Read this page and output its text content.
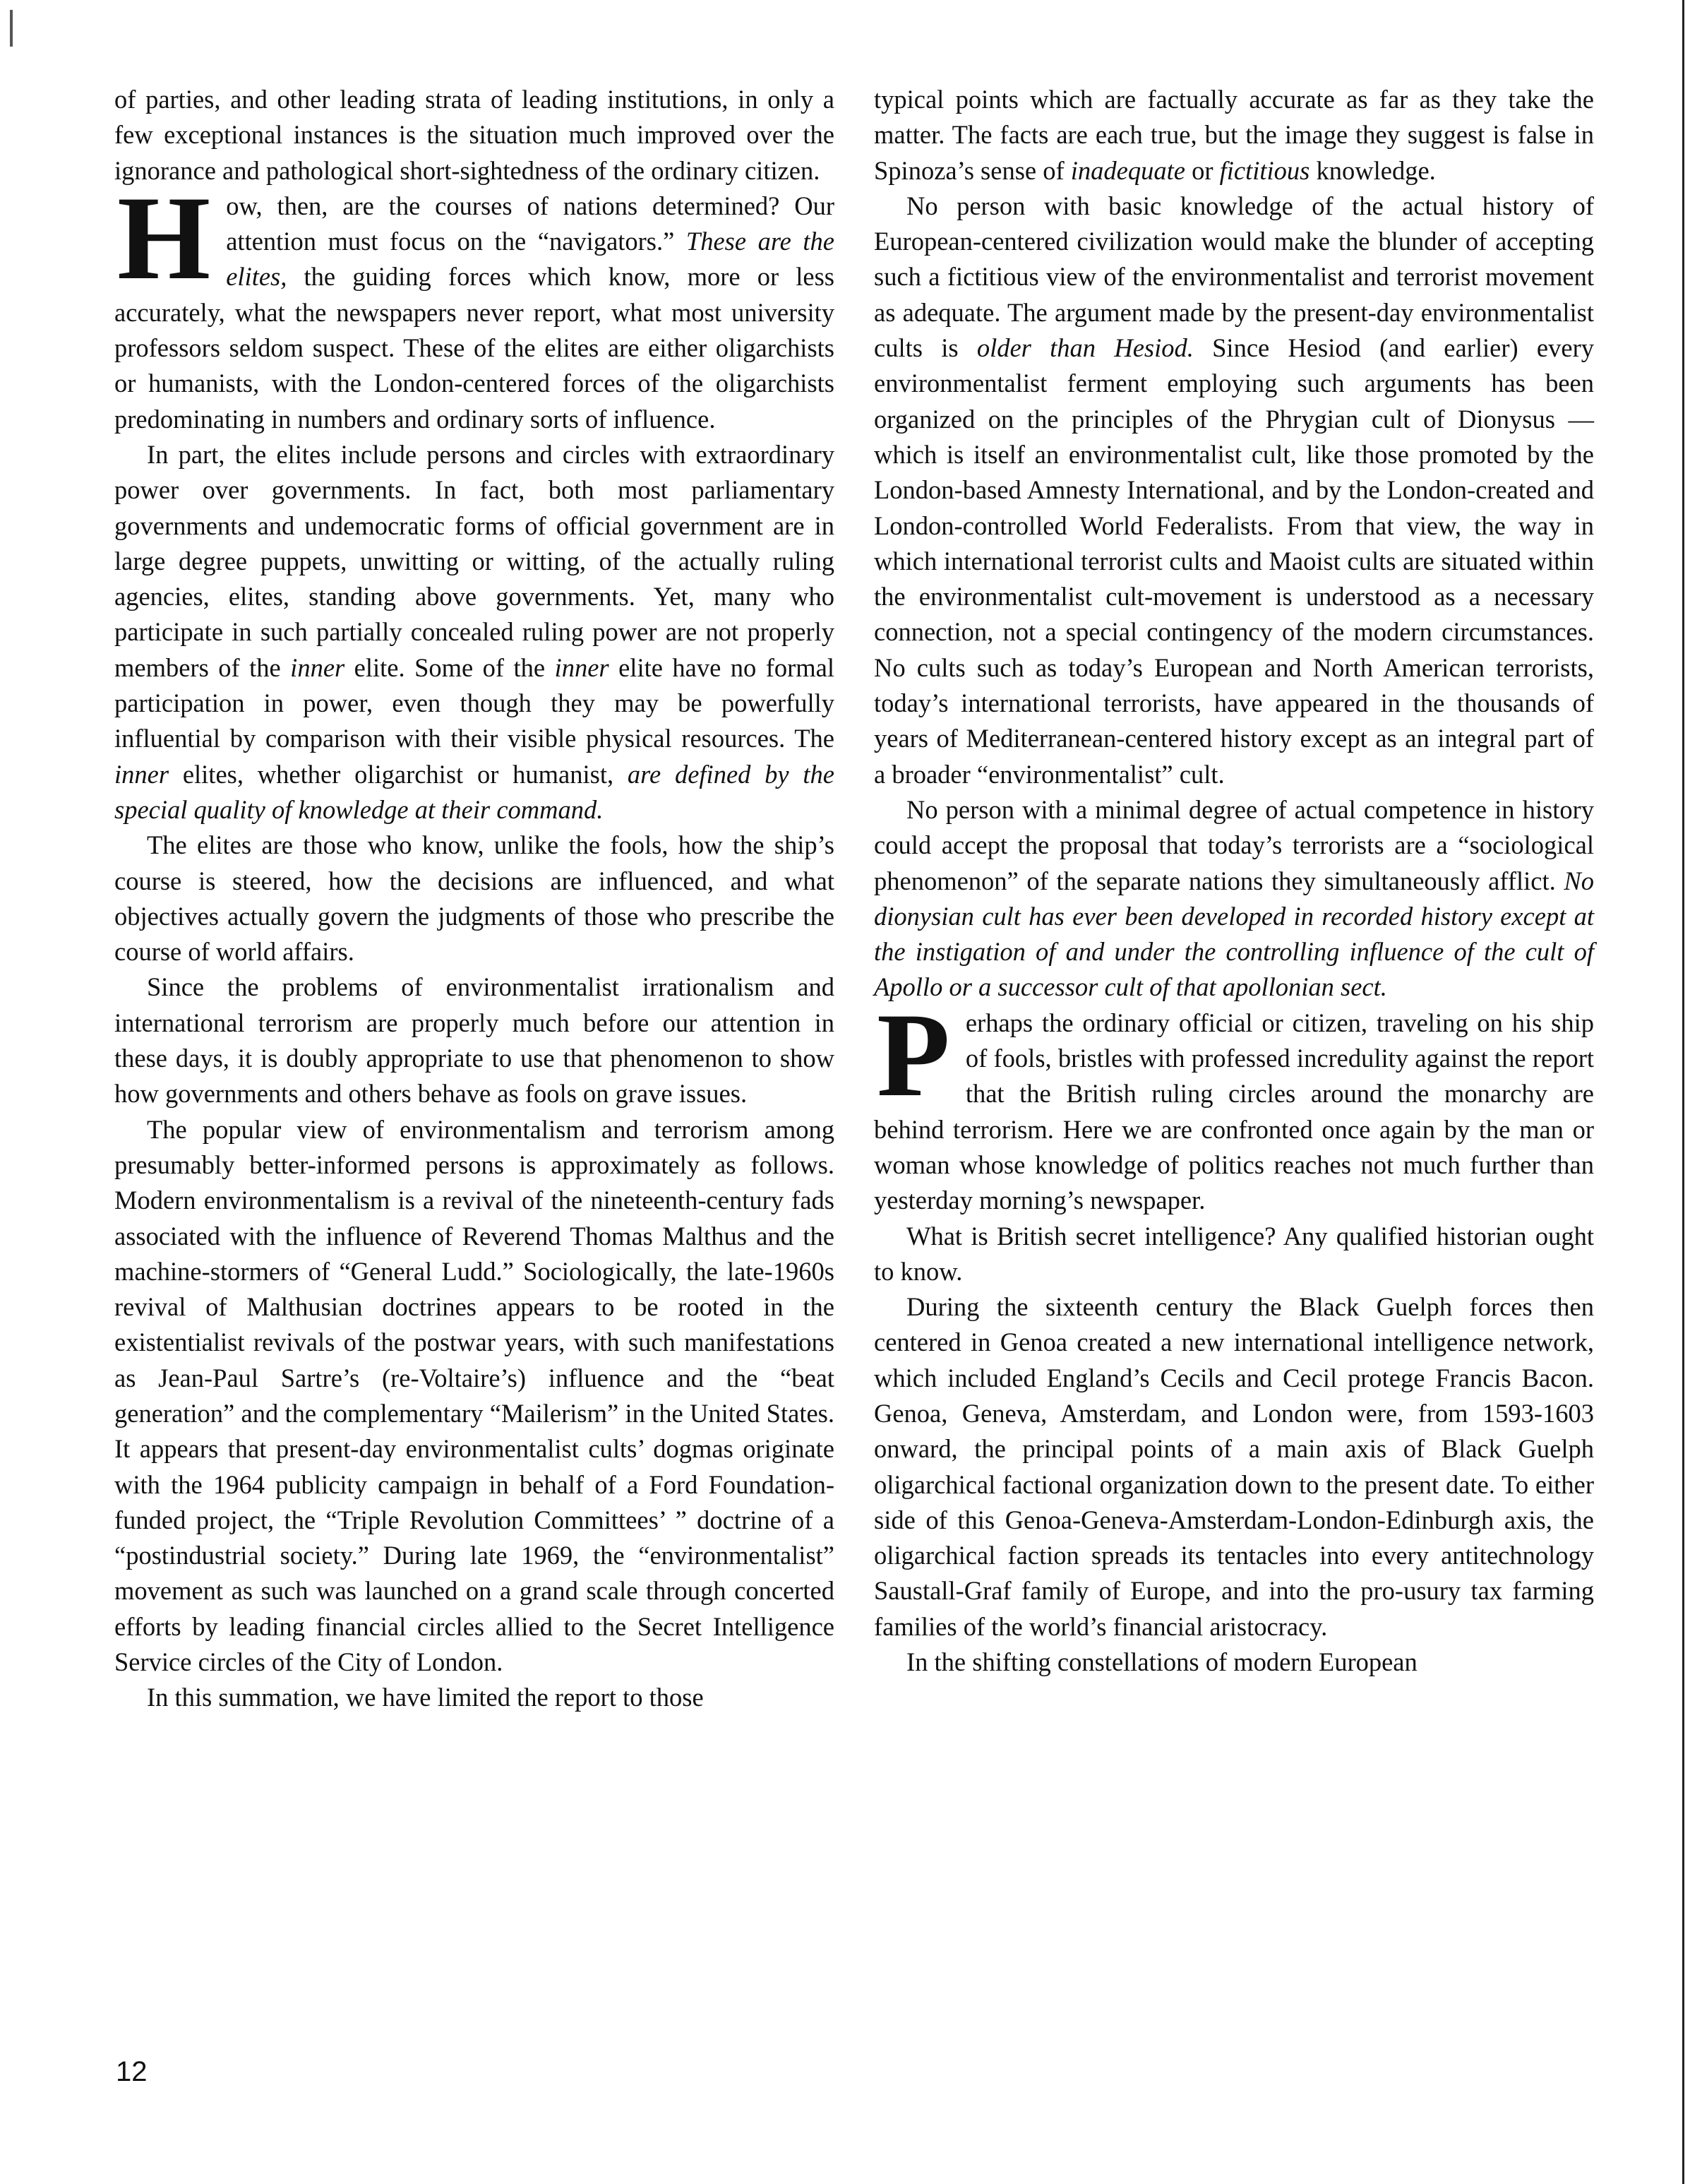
of parties, and other leading strata of leading institutions, in only a few exceptional instances is the situation much improved over the ignorance and pathological short-sightedness of the ordinary citizen.

How, then, are the courses of nations determined? Our attention must focus on the “navigators.” These are the elites, the guiding forces which know, more or less accurately, what the newspapers never report, what most university professors seldom suspect. These of the elites are either oligarchists or humanists, with the London-centered forces of the oligarchists predominating in numbers and ordinary sorts of influence.

In part, the elites include persons and circles with extraordinary power over governments. In fact, both most parliamentary governments and undemocratic forms of official government are in large degree puppets, unwitting or witting, of the actually ruling agencies, elites, standing above governments. Yet, many who participate in such partially concealed ruling power are not properly members of the inner elite. Some of the inner elite have no formal participation in power, even though they may be powerfully influential by comparison with their visible physical resources. The inner elites, whether oligarchist or humanist, are defined by the special quality of knowledge at their command.

The elites are those who know, unlike the fools, how the ship’s course is steered, how the decisions are influenced, and what objectives actually govern the judgments of those who prescribe the course of world affairs.

Since the problems of environmentalist irrationalism and international terrorism are properly much before our attention in these days, it is doubly appropriate to use that phenomenon to show how governments and others behave as fools on grave issues.

The popular view of environmentalism and terrorism among presumably better-informed persons is approximately as follows. Modern environmentalism is a revival of the nineteenth-century fads associated with the influence of Reverend Thomas Malthus and the machine-stormers of “General Ludd.” Sociologically, the late-1960s revival of Malthusian doctrines appears to be rooted in the existentialist revivals of the postwar years, with such manifestations as Jean-Paul Sartre’s (re-Voltaire’s) influence and the “beat generation” and the complementary “Mailerism” in the United States. It appears that present-day environmentalist cults’ dogmas originate with the 1964 publicity campaign in behalf of a Ford Foundation-funded project, the “Triple Revolution Committees’ ” doctrine of a “postindustrial society.” During late 1969, the “environmentalist” movement as such was launched on a grand scale through concerted efforts by leading financial circles allied to the Secret Intelligence Service circles of the City of London.

In this summation, we have limited the report to those

typical points which are factually accurate as far as they take the matter. The facts are each true, but the image they suggest is false in Spinoza’s sense of inadequate or fictitious knowledge.

No person with basic knowledge of the actual history of European-centered civilization would make the blunder of accepting such a fictitious view of the environmentalist and terrorist movement as adequate. The argument made by the present-day environmentalist cults is older than Hesiod. Since Hesiod (and earlier) every environmentalist ferment employing such arguments has been organized on the principles of the Phrygian cult of Dionysus — which is itself an environmentalist cult, like those promoted by the London-based Amnesty International, and by the London-created and London-controlled World Federalists. From that view, the way in which international terrorist cults and Maoist cults are situated within the environmentalist cult-movement is understood as a necessary connection, not a special contingency of the modern circumstances. No cults such as today’s European and North American terrorists, today’s international terrorists, have appeared in the thousands of years of Mediterranean-centered history except as an integral part of a broader “environmentalist” cult.

No person with a minimal degree of actual competence in history could accept the proposal that today’s terrorists are a “sociological phenomenon” of the separate nations they simultaneously afflict. No dionysian cult has ever been developed in recorded history except at the instigation of and under the controlling influence of the cult of Apollo or a successor cult of that apollonian sect.

Perhaps the ordinary official or citizen, traveling on his ship of fools, bristles with professed incredulity against the report that the British ruling circles around the monarchy are behind terrorism. Here we are confronted once again by the man or woman whose knowledge of politics reaches not much further than yesterday morning’s newspaper.

What is British secret intelligence? Any qualified historian ought to know.

During the sixteenth century the Black Guelph forces then centered in Genoa created a new international intelligence network, which included England’s Cecils and Cecil protege Francis Bacon. Genoa, Geneva, Amsterdam, and London were, from 1593-1603 onward, the principal points of a main axis of Black Guelph oligarchical factional organization down to the present date. To either side of this Genoa-Geneva-Amsterdam-London-Edinburgh axis, the oligarchical faction spreads its tentacles into every antitechnology Saustall-Graf family of Europe, and into the pro-usury tax farming families of the world’s financial aristocracy.

In the shifting constellations of modern European

12
